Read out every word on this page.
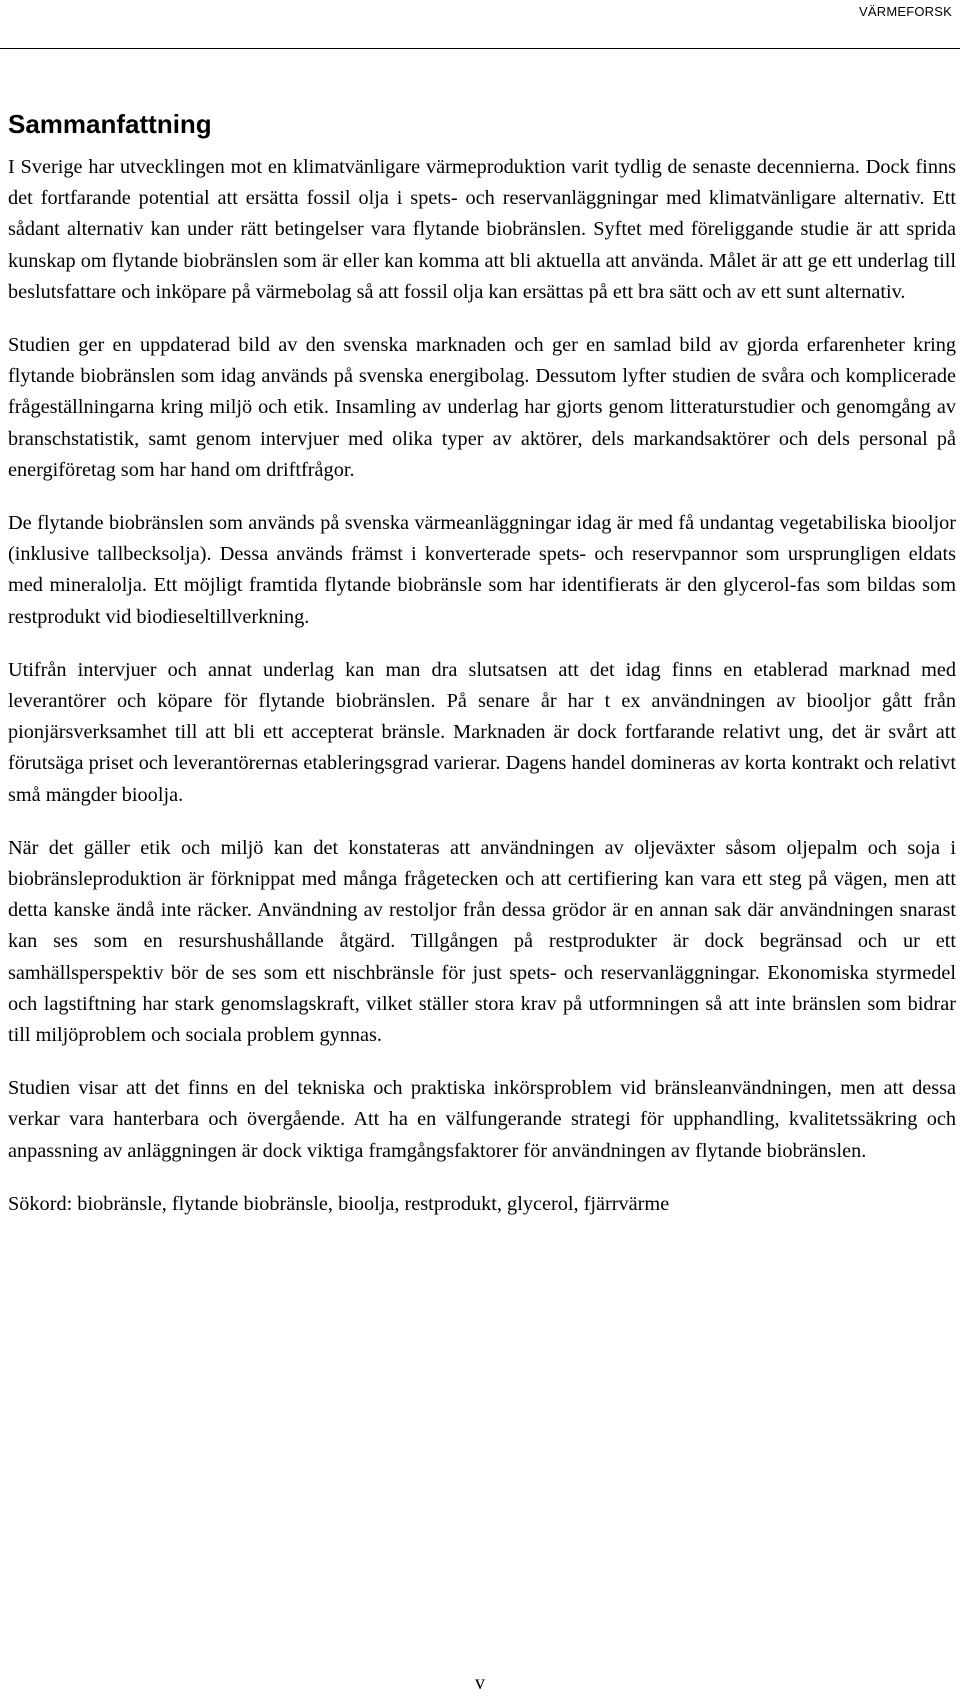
VÄRMEFORSK
Sammanfattning

I Sverige har utvecklingen mot en klimatvänligare värmeproduktion varit tydlig de senaste decennierna. Dock finns det fortfarande potential att ersätta fossil olja i spets- och reservanläggningar med klimatvänligare alternativ. Ett sådant alternativ kan under rätt betingelser vara flytande biobränslen. Syftet med föreliggande studie är att sprida kunskap om flytande biobränslen som är eller kan komma att bli aktuella att använda. Målet är att ge ett underlag till beslutsfattare och inköpare på värmebolag så att fossil olja kan ersättas på ett bra sätt och av ett sunt alternativ.

Studien ger en uppdaterad bild av den svenska marknaden och ger en samlad bild av gjorda erfarenheter kring flytande biobränslen som idag används på svenska energibolag. Dessutom lyfter studien de svåra och komplicerade frågeställningarna kring miljö och etik. Insamling av underlag har gjorts genom litteraturstudier och genomgång av branschstatistik, samt genom intervjuer med olika typer av aktörer, dels markandsaktörer och dels personal på energiföretag som har hand om driftfrågor.

De flytande biobränslen som används på svenska värmeanläggningar idag är med få undantag vegetabiliska biooljor (inklusive tallbecksolja). Dessa används främst i konverterade spets- och reservpannor som ursprungligen eldats med mineralolja. Ett möjligt framtida flytande biobränsle som har identifierats är den glycerol-fas som bildas som restprodukt vid biodieseltillverkning.

Utifrån intervjuer och annat underlag kan man dra slutsatsen att det idag finns en etablerad marknad med leverantörer och köpare för flytande biobränslen. På senare år har t ex användningen av biooljor gått från pionjärsverksamhet till att bli ett accepterat bränsle. Marknaden är dock fortfarande relativt ung, det är svårt att förutsäga priset och leverantörernas etableringsgrad varierar. Dagens handel domineras av korta kontrakt och relativt små mängder bioolja.

När det gäller etik och miljö kan det konstateras att användningen av oljeväxter såsom oljepalm och soja i biobränsleproduktion är förknippat med många frågetecken och att certifiering kan vara ett steg på vägen, men att detta kanske ändå inte räcker. Användning av restoljor från dessa grödor är en annan sak där användningen snarast kan ses som en resurshushållande åtgärd. Tillgången på restprodukter är dock begränsad och ur ett samhällsperspektiv bör de ses som ett nischbränsle för just spets- och reservanläggningar. Ekonomiska styrmedel och lagstiftning har stark genomslagskraft, vilket ställer stora krav på utformningen så att inte bränslen som bidrar till miljöproblem och sociala problem gynnas.

Studien visar att det finns en del tekniska och praktiska inkörsproblem vid bränsleanvändningen, men att dessa verkar vara hanterbara och övergående. Att ha en välfungerande strategi för upphandling, kvalitetssäkring och anpassning av anläggningen är dock viktiga framgångsfaktorer för användningen av flytande biobränslen.

Sökord: biobränsle, flytande biobränsle, bioolja, restprodukt, glycerol, fjärrvärme

v
